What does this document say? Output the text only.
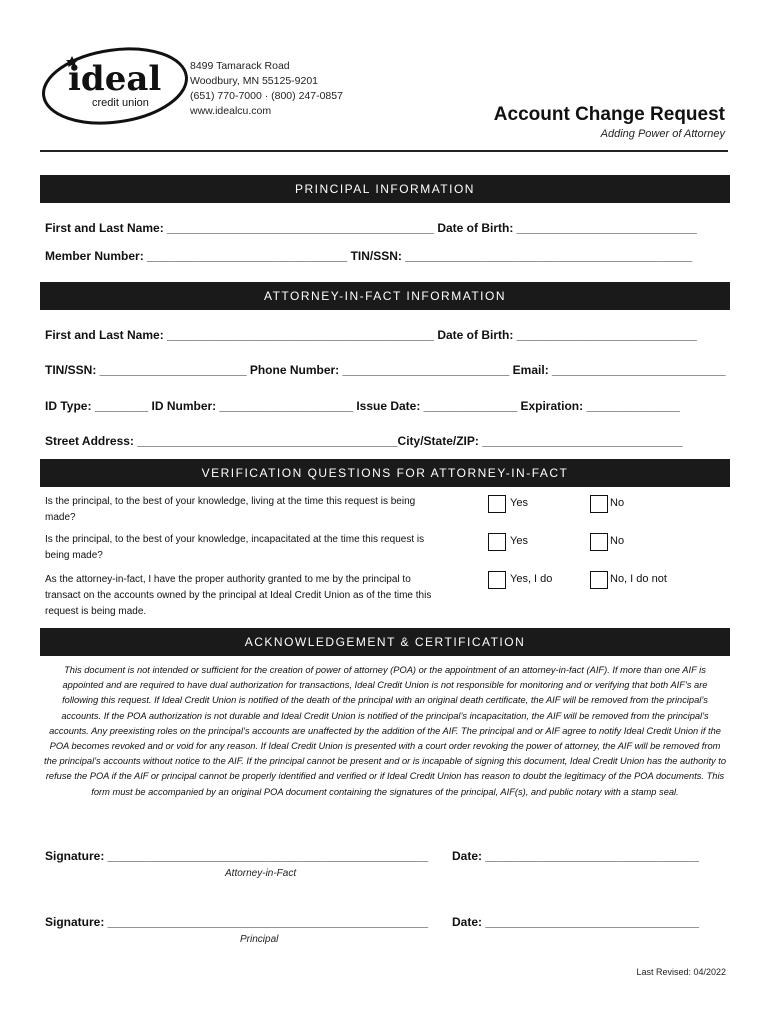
ideal
credit union
8499 Tamarack Road
Woodbury, MN 55125-9201
(651) 770-7000 · (800) 247-0857
www.idealcu.com	Account Change Request
Adding Power of Attorney
PRINCIPAL INFORMATION
First and Last Name: ________________________________________ Date of Birth: ___________________________
Member Number: ______________________________ TIN/SSN: ___________________________________________
ATTORNEY-IN-FACT INFORMATION
First and Last Name: ________________________________________ Date of Birth: ___________________________
TIN/SSN: ______________________ Phone Number: _________________________ Email: __________________________
ID Type: ________ ID Number: ____________________ Issue Date: ______________ Expiration: ______________
Street Address: _______________________________________City/State/ZIP: ______________________________
VERIFICATION QUESTIONS FOR ATTORNEY-IN-FACT
Is the principal, to the best of your knowledge, living at the time this request is being made?
Yes	No
Is the principal, to the best of your knowledge, incapacitated at the time this request is being made?
Yes	No
As the attorney-in-fact, I have the proper authority granted to me by the principal to transact on the accounts owned by the principal at Ideal Credit Union as of the time this request is being made.
Yes, I do	No, I do not
ACKNOWLEDGEMENT & CERTIFICATION
This document is not intended or sufficient for the creation of power of attorney (POA) or the appointment of an attorney-in-fact (AIF). If more than one AIF is appointed and are required to have dual authorization for transactions, Ideal Credit Union is not responsible for monitoring and or verifying that both AIF’s are following this request. If Ideal Credit Union is notified of the death of the principal with an original death certificate, the AIF will be removed from the principal’s accounts. If the POA authorization is not durable and Ideal Credit Union is notified of the principal’s incapacitation, the AIF will be removed from the principal’s accounts. Any preexisting roles on the principal’s accounts are unaffected by the addition of the AIF. The principal and or AIF agree to notify Ideal Credit Union if the POA becomes revoked and or void for any reason. If Ideal Credit Union is presented with a court order revoking the power of attorney, the AIF will be removed from the principal’s accounts without notice to the AIF. If the principal cannot be present and or is incapable of signing this document, Ideal Credit Union has the authority to refuse the POA if the AIF or principal cannot be properly identified and verified or if Ideal Credit Union has reason to doubt the legitimacy of the POA documents. This form must be accompanied by an original POA document containing the signatures of the principal, AIF(s), and public notary with a stamp seal.
Signature: ________________________________________________ Date: ________________________________
Attorney-in-Fact
Signature: ________________________________________________ Date: ________________________________
Principal
Last Revised: 04/2022
